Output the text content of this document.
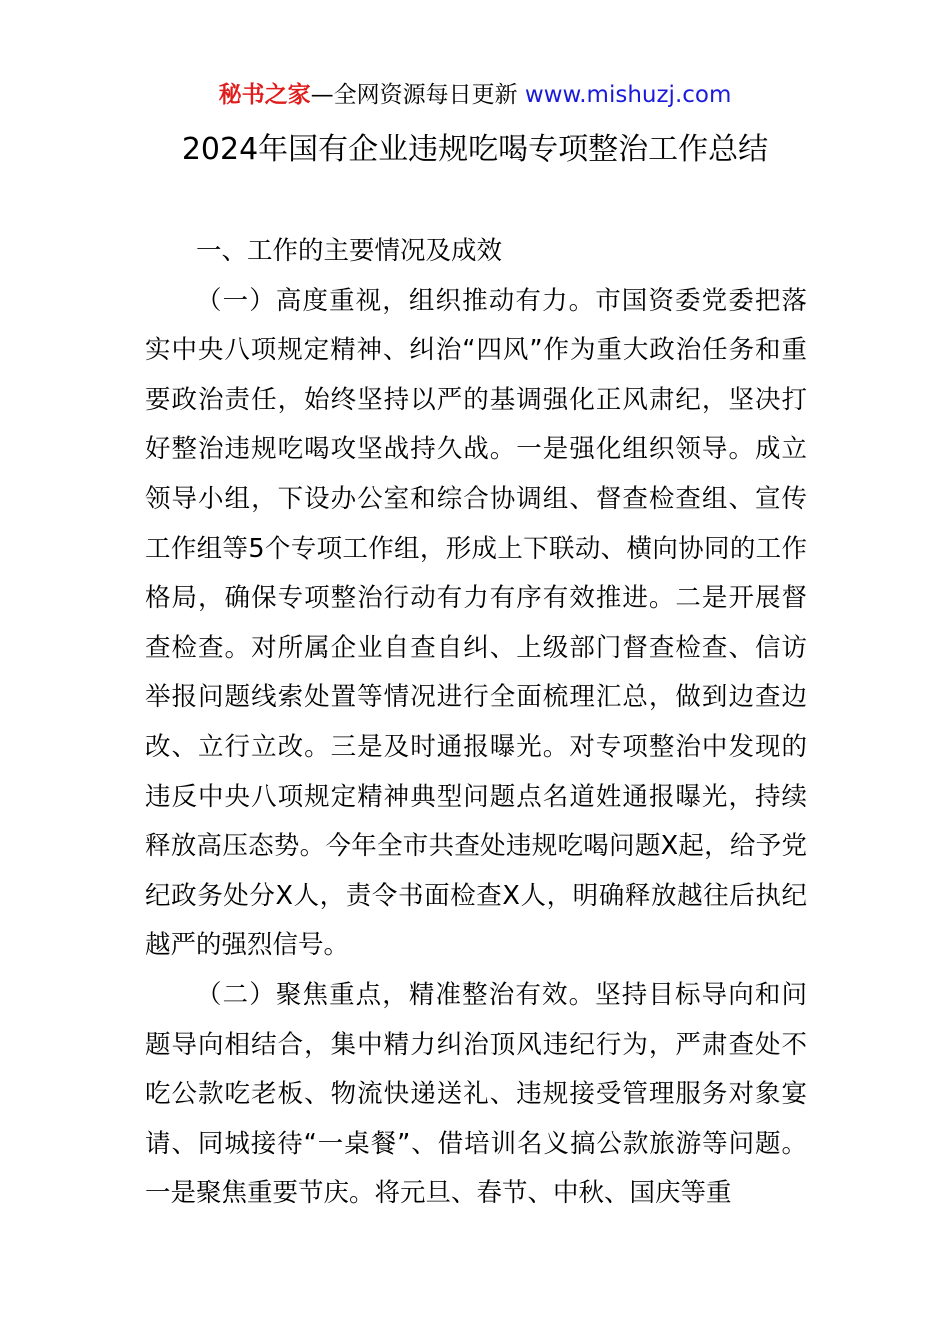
秘书之家—全网资源每日更新 www.mishuzj.com
2024年国有企业违规吃喝专项整治工作总结

一、工作的主要情况及成效

（一）高度重视，组织推动有力。市国资委党委把落实中央八项规定精神、纠治“四风”作为重大政治任务和重要政治责任，始终坚持以严的基调强化正风肃纪，坚决打好整治违规吃喝攻坚战持久战。一是强化组织领导。成立领导小组，下设办公室和综合协调组、督查检查组、宣传工作组等5个专项工作组，形成上下联动、横向协同的工作格局，确保专项整治行动有力有序有效推进。二是开展督查检查。对所属企业自查自纠、上级部门督查检查、信访举报问题线索处置等情况进行全面梳理汇总，做到边查边改、立行立改。三是及时通报曝光。对专项整治中发现的违反中央八项规定精神典型问题点名道姓通报曝光，持续释放高压态势。今年全市共查处违规吃喝问题X起，给予党纪政务处分X人，责令书面检查X人，明确释放越往后执纪越严的强烈信号。

（二）聚焦重点，精准整治有效。坚持目标导向和问题导向相结合，集中精力纠治顶风违纪行为，严肃查处不吃公款吃老板、物流快递送礼、违规接受管理服务对象宴请、同城接待“一桌餐”、借培训名义搞公款旅游等问题。一是聚焦重要节庆。将元旦、春节、中秋、国庆等重
